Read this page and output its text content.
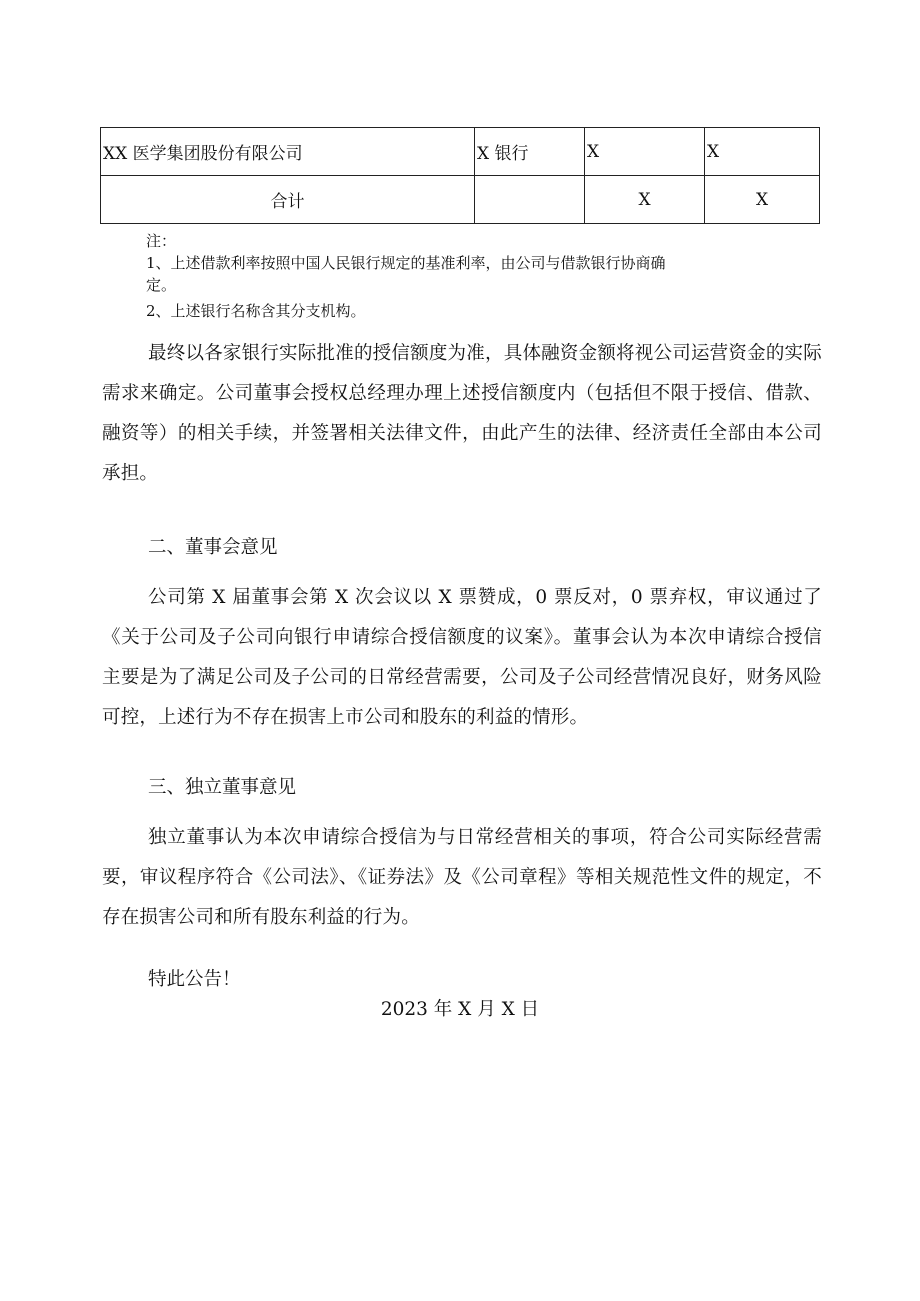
XX 医学集团股份有限公司	X 银行	X	X
合计		X	X

注：

1、上述借款利率按照中国人民银行规定的基准利率，由公司与借款银行协商确

定。

2、上述银行名称含其分支机构。

最终以各家银行实际批准的授信额度为准，具体融资金额将视公司运营资金的实际需求来确定。公司董事会授权总经理办理上述授信额度内（包括但不限于授信、借款、融资等）的相关手续，并签署相关法律文件，由此产生的法律、经济责任全部由本公司承担。

二、董事会意见

公司第 X 届董事会第 X 次会议以 X 票赞成，0 票反对，0 票弃权，审议通过了《关于公司及子公司向银行申请综合授信额度的议案》。董事会认为本次申请综合授信主要是为了满足公司及子公司的日常经营需要，公司及子公司经营情况良好，财务风险可控，上述行为不存在损害上市公司和股东的利益的情形。

三、独立董事意见

独立董事认为本次申请综合授信为与日常经营相关的事项，符合公司实际经营需要，审议程序符合《公司法》、《证券法》及《公司章程》等相关规范性文件的规定，不存在损害公司和所有股东利益的行为。

特此公告！

2023 年 X 月 X 日
